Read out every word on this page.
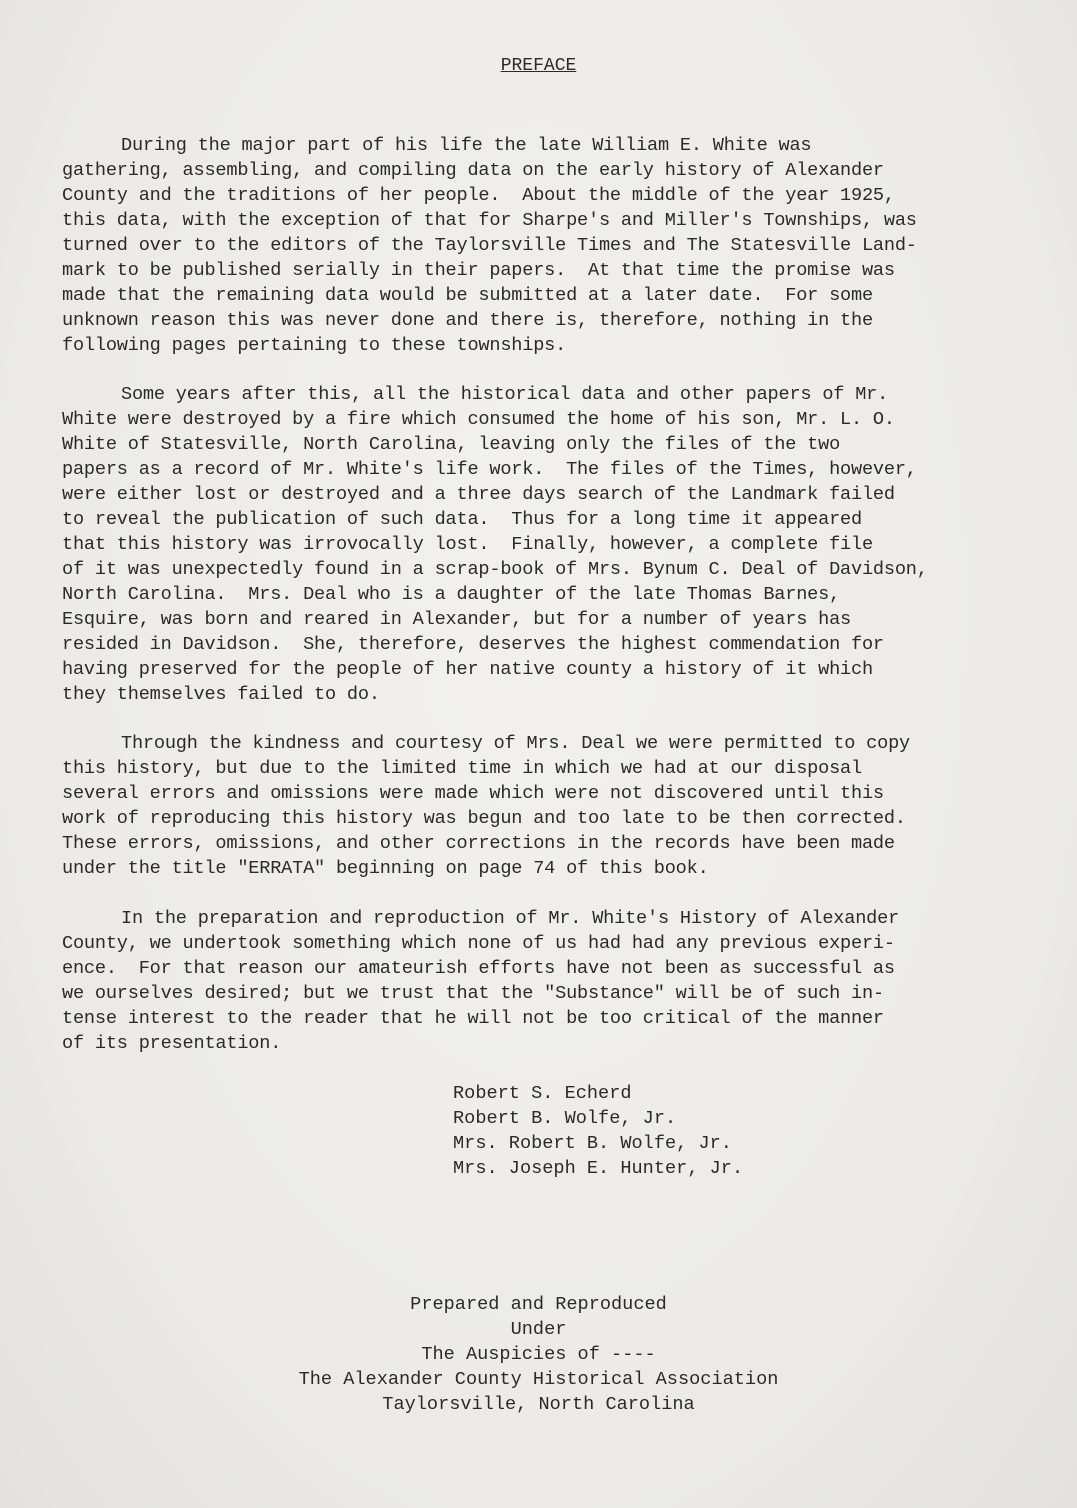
PREFACE
During the major part of his life the late William E. White was
gathering, assembling, and compiling data on the early history of Alexander
County and the traditions of her people.  About the middle of the year 1925,
this data, with the exception of that for Sharpe's and Miller's Townships, was
turned over to the editors of the Taylorsville Times and The Statesville Land-
mark to be published serially in their papers.  At that time the promise was
made that the remaining data would be submitted at a later date.  For some
unknown reason this was never done and there is, therefore, nothing in the
following pages pertaining to these townships.
Some years after this, all the historical data and other papers of Mr.
White were destroyed by a fire which consumed the home of his son, Mr. L. O.
White of Statesville, North Carolina, leaving only the files of the two
papers as a record of Mr. White's life work.  The files of the Times, however,
were either lost or destroyed and a three days search of the Landmark failed
to reveal the publication of such data.  Thus for a long time it appeared
that this history was irrovocally lost.  Finally, however, a complete file
of it was unexpectedly found in a scrap-book of Mrs. Bynum C. Deal of Davidson,
North Carolina.  Mrs. Deal who is a daughter of the late Thomas Barnes,
Esquire, was born and reared in Alexander, but for a number of years has
resided in Davidson.  She, therefore, deserves the highest commendation for
having preserved for the people of her native county a history of it which
they themselves failed to do.
Through the kindness and courtesy of Mrs. Deal we were permitted to copy
this history, but due to the limited time in which we had at our disposal
several errors and omissions were made which were not discovered until this
work of reproducing this history was begun and too late to be then corrected.
These errors, omissions, and other corrections in the records have been made
under the title "ERRATA" beginning on page 74 of this book.
In the preparation and reproduction of Mr. White's History of Alexander
County, we undertook something which none of us had had any previous experi-
ence.  For that reason our amateurish efforts have not been as successful as
we ourselves desired; but we trust that the "Substance" will be of such in-
tense interest to the reader that he will not be too critical of the manner
of its presentation.
Robert S. Echerd
Robert B. Wolfe, Jr.
Mrs. Robert B. Wolfe, Jr.
Mrs. Joseph E. Hunter, Jr.
Prepared and Reproduced
Under
The Auspicies of ----
The Alexander County Historical Association
Taylorsville, North Carolina
